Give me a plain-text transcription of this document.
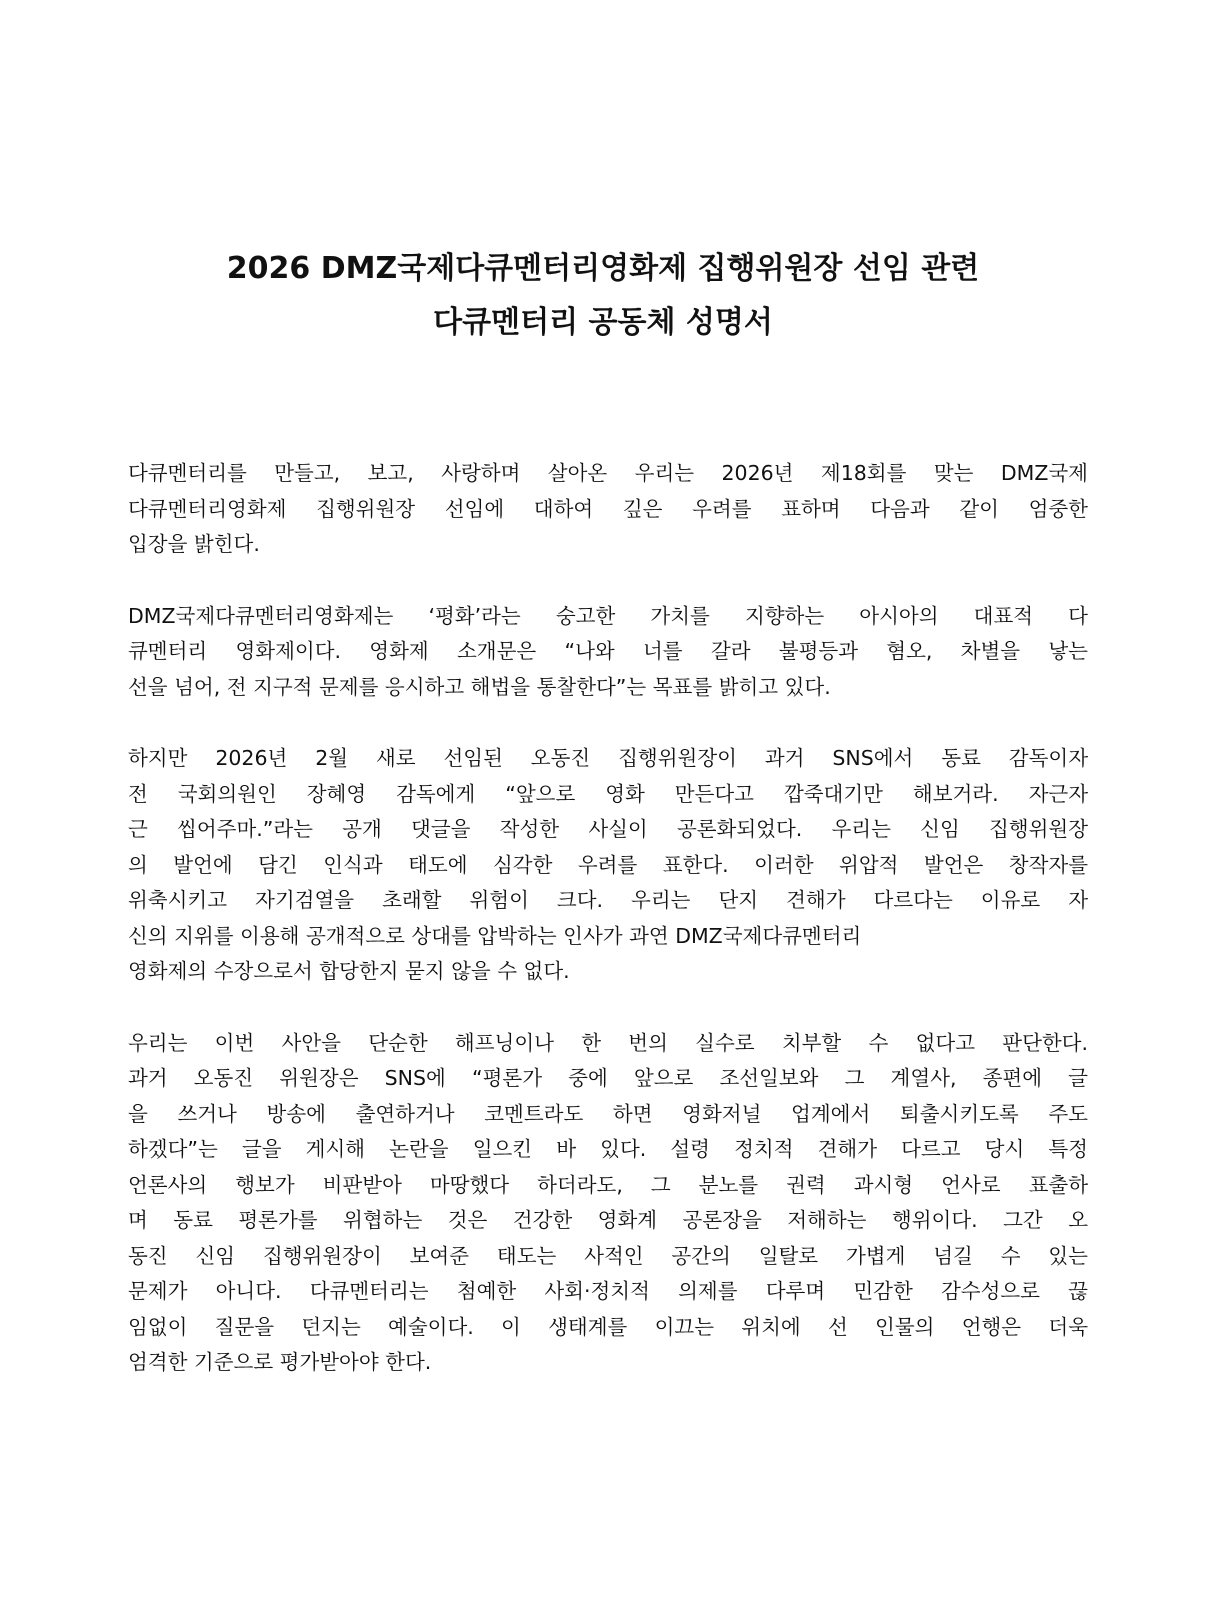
2026 DMZ국제다큐멘터리영화제 집행위원장 선임 관련
다큐멘터리 공동체 성명서
다큐멘터리를 만들고, 보고, 사랑하며 살아온 우리는 2026년 제18회를 맞는 DMZ국제
다큐멘터리영화제 집행위원장 선임에 대하여 깊은 우려를 표하며 다음과 같이 엄중한
입장을 밝힌다.
DMZ국제다큐멘터리영화제는 ‘평화’라는 숭고한 가치를 지향하는 아시아의 대표적 다
큐멘터리 영화제이다. 영화제 소개문은 “나와 너를 갈라 불평등과 혐오, 차별을 낳는
선을 넘어, 전 지구적 문제를 응시하고 해법을 통찰한다”는 목표를 밝히고 있다.
하지만 2026년 2월 새로 선임된 오동진 집행위원장이 과거 SNS에서 동료 감독이자
전 국회의원인 장혜영 감독에게 “앞으로 영화 만든다고 깝죽대기만 해보거라. 자근자
근 씹어주마.”라는 공개 댓글을 작성한 사실이 공론화되었다. 우리는 신임 집행위원장
의 발언에 담긴 인식과 태도에 심각한 우려를 표한다. 이러한 위압적 발언은 창작자를
위축시키고 자기검열을 초래할 위험이 크다. 우리는 단지 견해가 다르다는 이유로 자
신의 지위를 이용해 공개적으로 상대를 압박하는 인사가 과연 DMZ국제다큐멘터리
영화제의 수장으로서 합당한지 묻지 않을 수 없다.
우리는 이번 사안을 단순한 해프닝이나 한 번의 실수로 치부할 수 없다고 판단한다.
과거 오동진 위원장은 SNS에 “평론가 중에 앞으로 조선일보와 그 계열사, 종편에 글
을 쓰거나 방송에 출연하거나 코멘트라도 하면 영화저널 업계에서 퇴출시키도록 주도
하겠다”는 글을 게시해 논란을 일으킨 바 있다. 설령 정치적 견해가 다르고 당시 특정
언론사의 행보가 비판받아 마땅했다 하더라도, 그 분노를 권력 과시형 언사로 표출하
며 동료 평론가를 위협하는 것은 건강한 영화계 공론장을 저해하는 행위이다. 그간 오
동진 신임 집행위원장이 보여준 태도는 사적인 공간의 일탈로 가볍게 넘길 수 있는
문제가 아니다. 다큐멘터리는 첨예한 사회·정치적 의제를 다루며 민감한 감수성으로 끊
임없이 질문을 던지는 예술이다. 이 생태계를 이끄는 위치에 선 인물의 언행은 더욱
엄격한 기준으로 평가받아야 한다.
